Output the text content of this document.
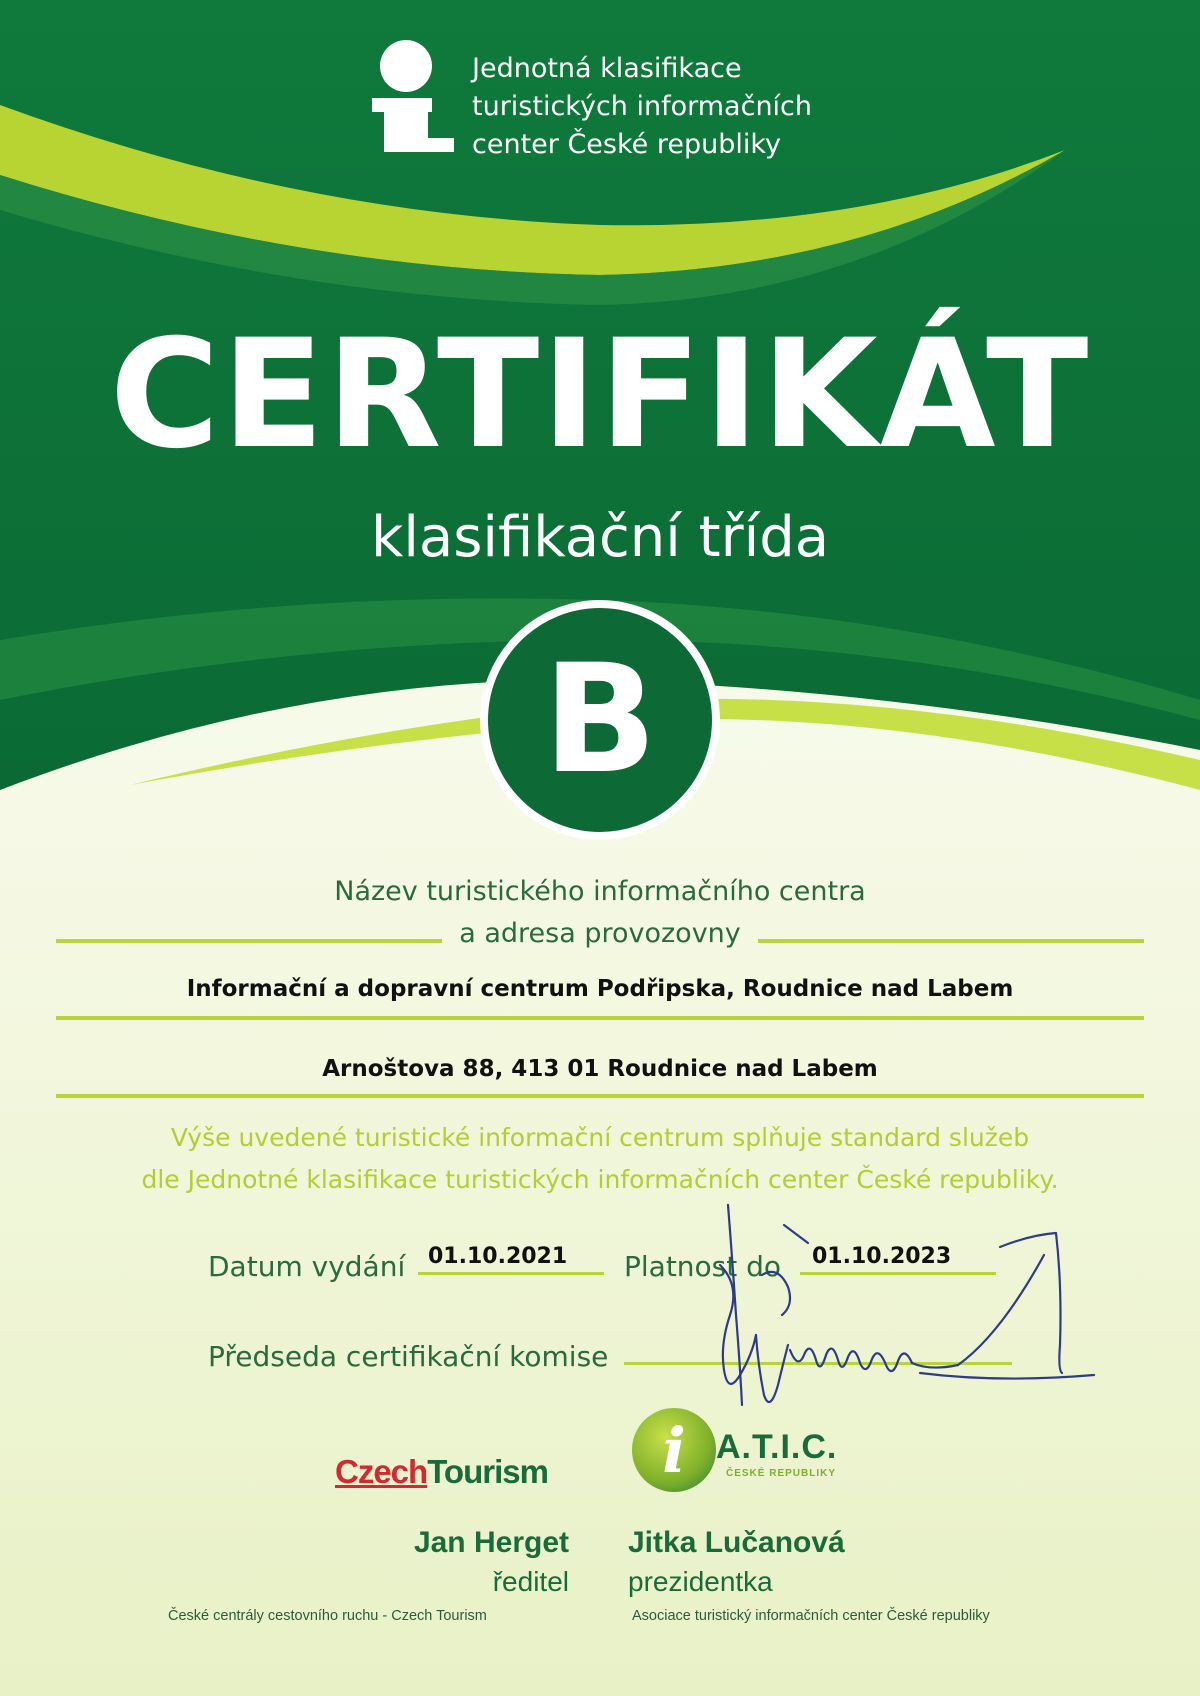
Jednotná klasifikace
turistických informačních
center České republiky
CERTIFIKÁT
klasifikační třída
B
Název turistického informačního centra
a adresa provozovny
Informační a dopravní centrum Podřipska, Roudnice nad Labem
Arnoštova 88, 413 01 Roudnice nad Labem
Výše uvedené turistické informační centrum splňuje standard služeb
dle Jednotné klasifikace turistických informačních center České republiky.
Datum vydání 01.10.2021 Platnost do 01.10.2023
Předseda certifikační komise
CzechTourism i A.T.I.C.
ČESKÉ REPUBLIKY
Jan Herget
ředitel
České centrály cestovního ruchu - Czech Tourism
Jitka Lučanová
prezidentka
Asociace turistický informačních center České republiky
